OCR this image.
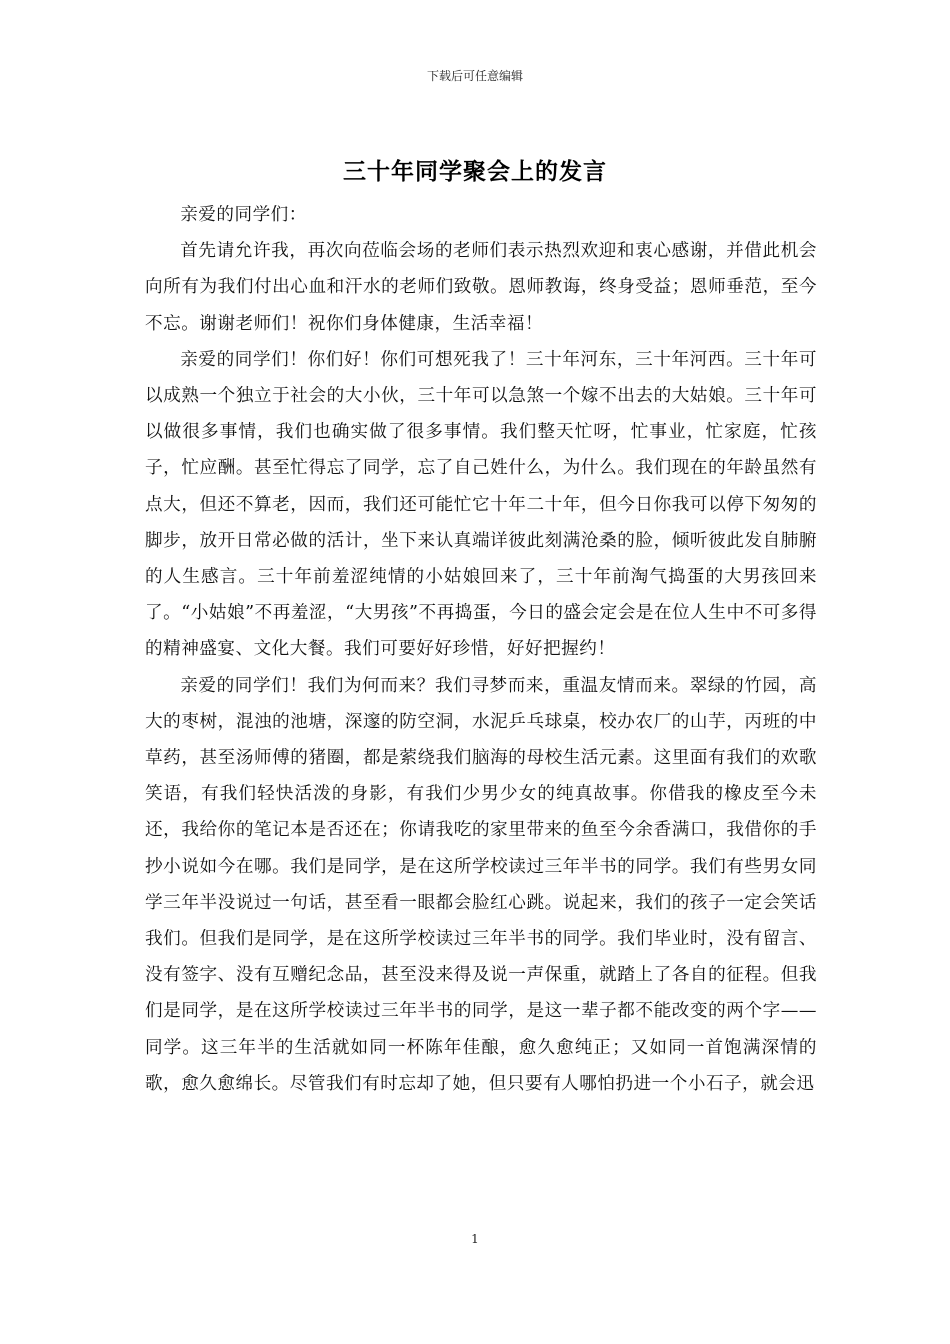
下载后可任意编辑
三十年同学聚会上的发言

亲爱的同学们：

首先请允许我，再次向莅临会场的老师们表示热烈欢迎和衷心感谢，并借此机会向所有为我们付出心血和汗水的老师们致敬。恩师教诲，终身受益；恩师垂范，至今不忘。谢谢老师们！祝你们身体健康，生活幸福！

亲爱的同学们！你们好！你们可想死我了！三十年河东，三十年河西。三十年可以成熟一个独立于社会的大小伙，三十年可以急煞一个嫁不出去的大姑娘。三十年可以做很多事情，我们也确实做了很多事情。我们整天忙呀，忙事业，忙家庭，忙孩子，忙应酬。甚至忙得忘了同学，忘了自己姓什么，为什么。我们现在的年龄虽然有点大，但还不算老，因而，我们还可能忙它十年二十年，但今日你我可以停下匆匆的脚步，放开日常必做的活计，坐下来认真端详彼此刻满沧桑的脸，倾听彼此发自肺腑的人生感言。三十年前羞涩纯情的小姑娘回来了，三十年前淘气捣蛋的大男孩回来了。“小姑娘”不再羞涩，“大男孩”不再捣蛋，今日的盛会定会是在位人生中不可多得的精神盛宴、文化大餐。我们可要好好珍惜，好好把握约！

亲爱的同学们！我们为何而来？我们寻梦而来，重温友情而来。翠绿的竹园，高大的枣树，混浊的池塘，深邃的防空洞，水泥乒乓球桌，校办农厂的山芋，丙班的中草药，甚至汤师傅的猪圈，都是萦绕我们脑海的母校生活元素。这里面有我们的欢歌笑语，有我们轻快活泼的身影，有我们少男少女的纯真故事。你借我的橡皮至今未还，我给你的笔记本是否还在；你请我吃的家里带来的鱼至今余香满口，我借你的手抄小说如今在哪。我们是同学，是在这所学校读过三年半书的同学。我们有些男女同学三年半没说过一句话，甚至看一眼都会脸红心跳。说起来，我们的孩子一定会笑话我们。但我们是同学，是在这所学校读过三年半书的同学。我们毕业时，没有留言、没有签字、没有互赠纪念品，甚至没来得及说一声保重，就踏上了各自的征程。但我们是同学，是在这所学校读过三年半书的同学，是这一辈子都不能改变的两个字——同学。这三年半的生活就如同一杯陈年佳酿，愈久愈纯正；又如同一首饱满深情的歌，愈久愈绵长。尽管我们有时忘却了她，但只要有人哪怕扔进一个小石子，就会迅

1
